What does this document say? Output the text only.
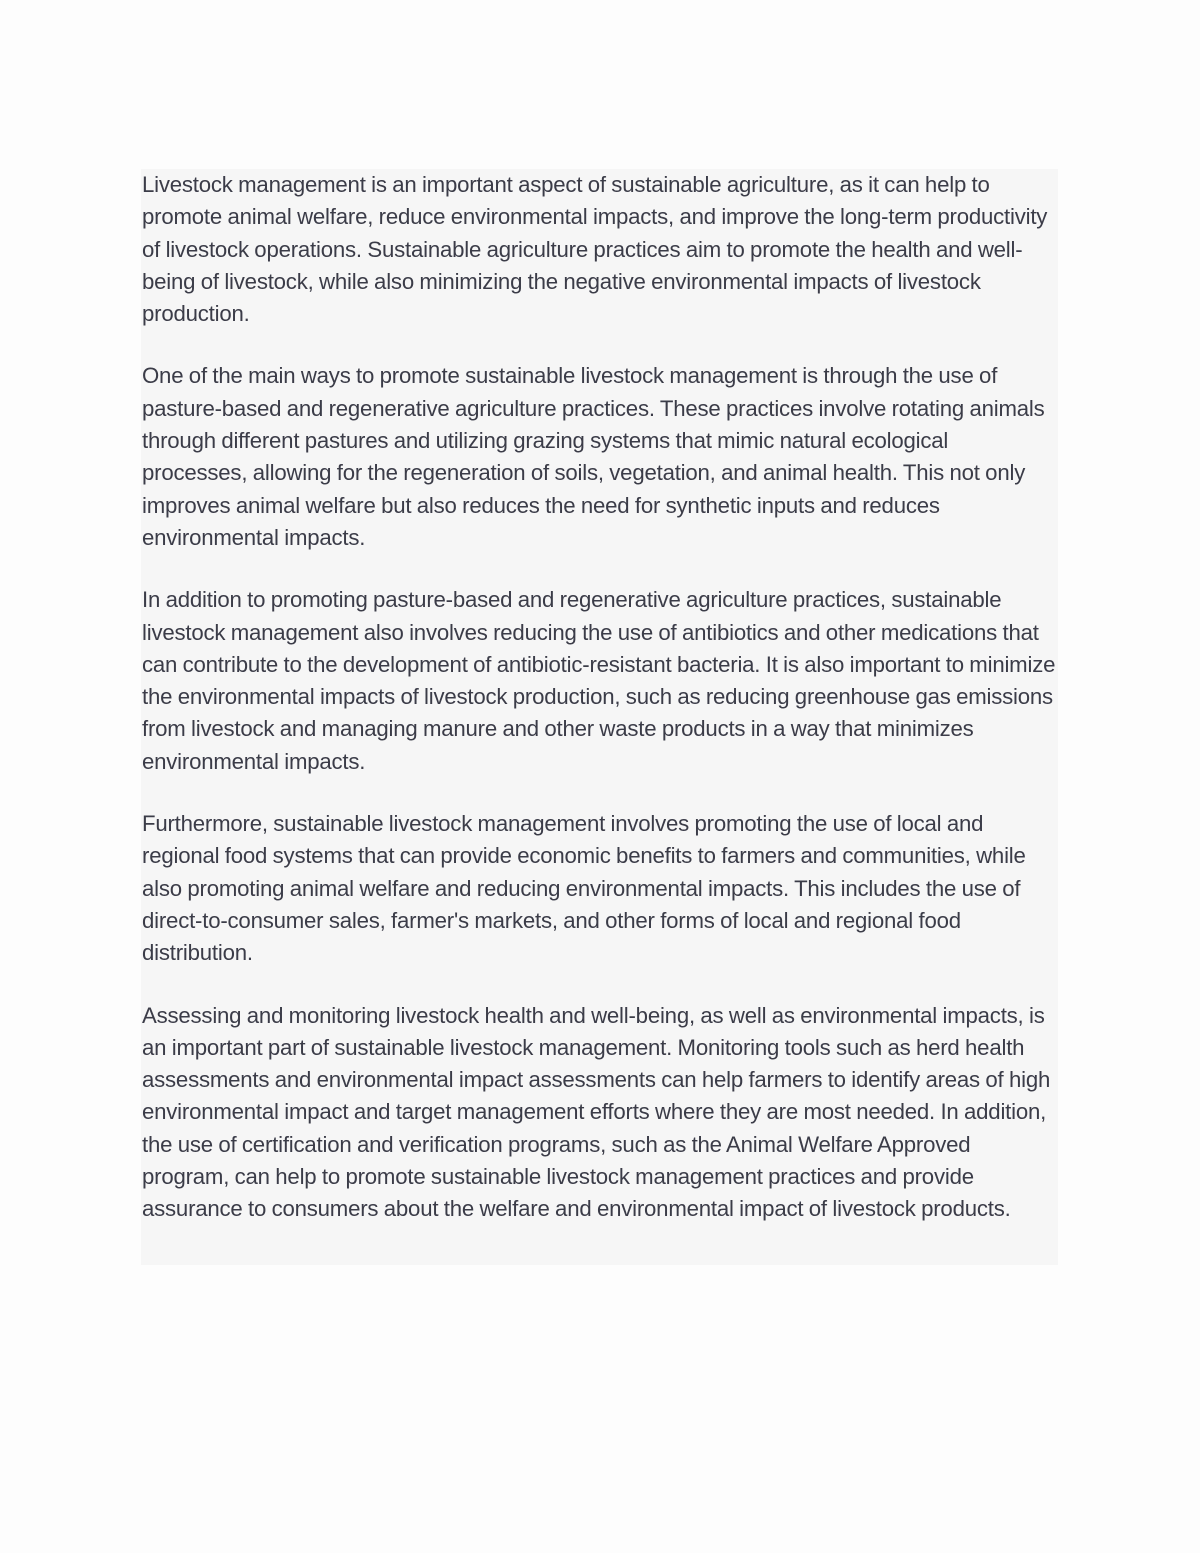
Livestock management is an important aspect of sustainable agriculture, as it can help to promote animal welfare, reduce environmental impacts, and improve the long-term productivity of livestock operations. Sustainable agriculture practices aim to promote the health and well-being of livestock, while also minimizing the negative environmental impacts of livestock production.

One of the main ways to promote sustainable livestock management is through the use of pasture-based and regenerative agriculture practices. These practices involve rotating animals through different pastures and utilizing grazing systems that mimic natural ecological processes, allowing for the regeneration of soils, vegetation, and animal health. This not only improves animal welfare but also reduces the need for synthetic inputs and reduces environmental impacts.

In addition to promoting pasture-based and regenerative agriculture practices, sustainable livestock management also involves reducing the use of antibiotics and other medications that can contribute to the development of antibiotic-resistant bacteria. It is also important to minimize the environmental impacts of livestock production, such as reducing greenhouse gas emissions from livestock and managing manure and other waste products in a way that minimizes environmental impacts.

Furthermore, sustainable livestock management involves promoting the use of local and regional food systems that can provide economic benefits to farmers and communities, while also promoting animal welfare and reducing environmental impacts. This includes the use of direct-to-consumer sales, farmer's markets, and other forms of local and regional food distribution.

Assessing and monitoring livestock health and well-being, as well as environmental impacts, is an important part of sustainable livestock management. Monitoring tools such as herd health assessments and environmental impact assessments can help farmers to identify areas of high environmental impact and target management efforts where they are most needed. In addition, the use of certification and verification programs, such as the Animal Welfare Approved program, can help to promote sustainable livestock management practices and provide assurance to consumers about the welfare and environmental impact of livestock products.
